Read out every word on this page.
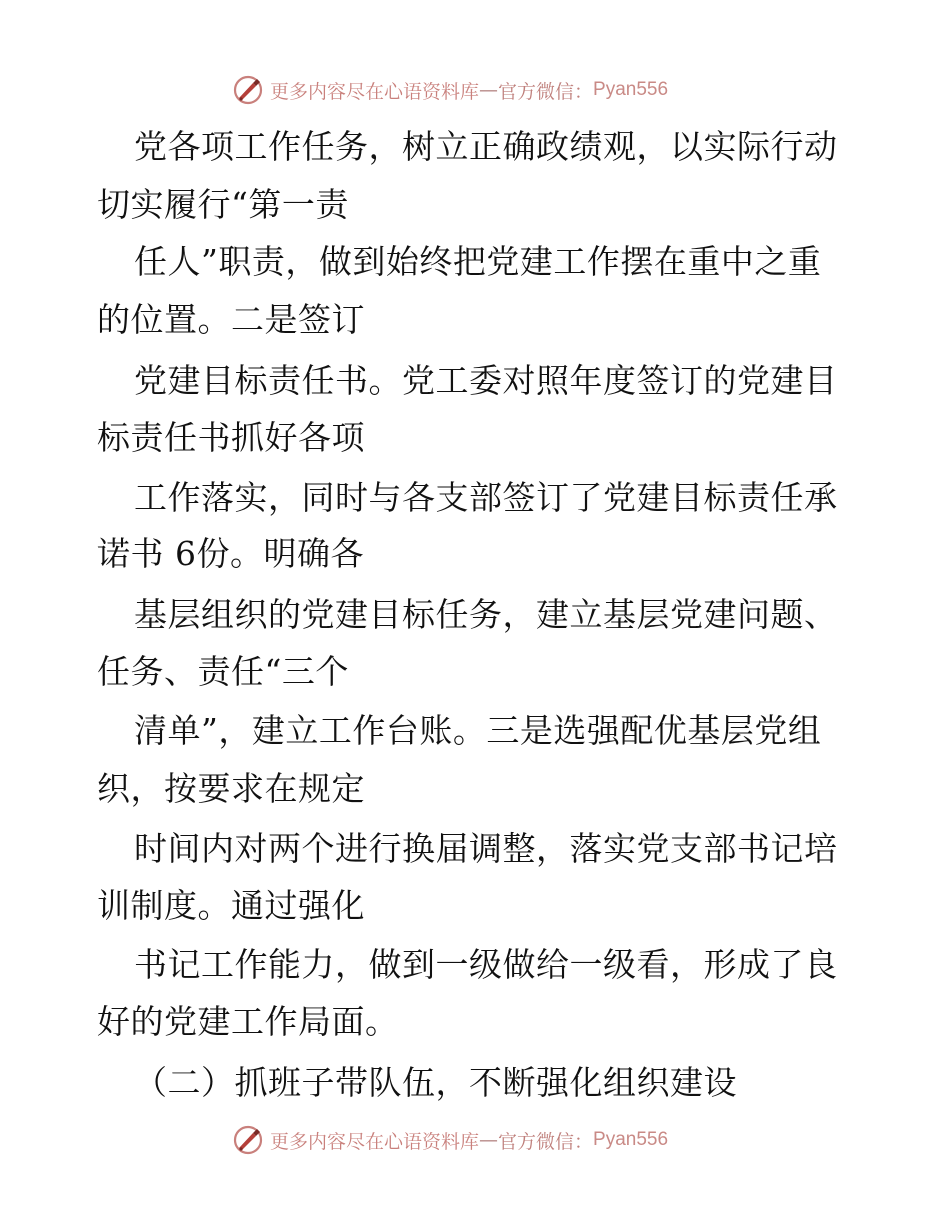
更多内容尽在心语资料库 — 官方微信： Pyan556
党各项工作任务，树立正确政绩观，以实际行动
切实履行“第一责
任人”职责，做到始终把党建工作摆在重中之重
的位置。二是签订
党建目标责任书。党工委对照年度签订的党建目
标责任书抓好各项
工作落实，同时与各支部签订了党建目标责任承
诺书 6份。明确各
基层组织的党建目标任务，建立基层党建问题、
任务、责任“三个
清单”，建立工作台账。三是选强配优基层党组
织，按要求在规定
时间内对两个进行换届调整，落实党支部书记培
训制度。通过强化
书记工作能力，做到一级做给一级看，形成了良
好的党建工作局面。
（二）抓班子带队伍，不断强化组织建设
更多内容尽在心语资料库 — 官方微信： Pyan556
